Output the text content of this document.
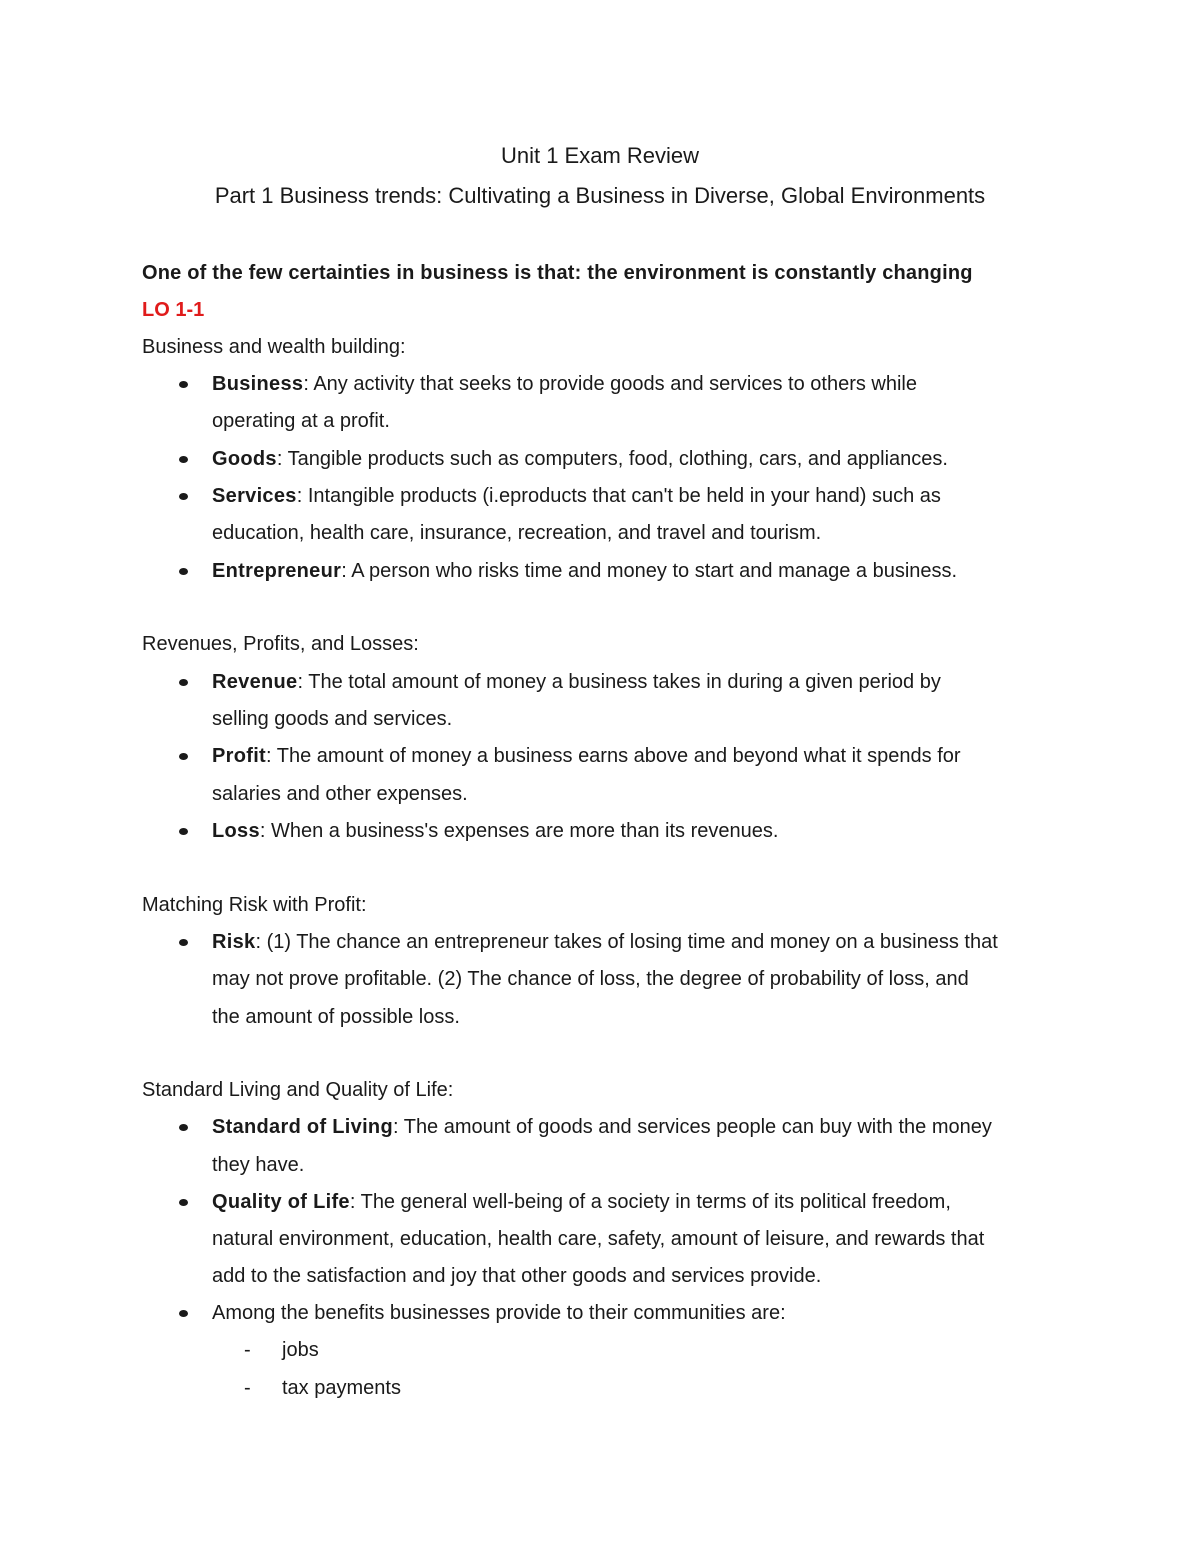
Unit 1 Exam Review
Part 1 Business trends: Cultivating a Business in Diverse, Global Environments
One of the few certainties in business is that: the environment is constantly changing
LO 1-1
Business and wealth building:
Business: Any activity that seeks to provide goods and services to others while
operating at a profit.
Goods: Tangible products such as computers, food, clothing, cars, and appliances.
Services: Intangible products (i.eproducts that can't be held in your hand) such as
education, health care, insurance, recreation, and travel and tourism.
Entrepreneur: A person who risks time and money to start and manage a business.
Revenues, Profits, and Losses:
Revenue: The total amount of money a business takes in during a given period by
selling goods and services.
Profit: The amount of money a business earns above and beyond what it spends for
salaries and other expenses.
Loss: When a business's expenses are more than its revenues.
Matching Risk with Profit:
Risk: (1) The chance an entrepreneur takes of losing time and money on a business that
may not prove profitable. (2) The chance of loss, the degree of probability of loss, and
the amount of possible loss.
Standard Living and Quality of Life:
Standard of Living: The amount of goods and services people can buy with the money
they have.
Quality of Life: The general well-being of a society in terms of its political freedom,
natural environment, education, health care, safety, amount of leisure, and rewards that
add to the satisfaction and joy that other goods and services provide.
Among the benefits businesses provide to their communities are:
- jobs
- tax payments
